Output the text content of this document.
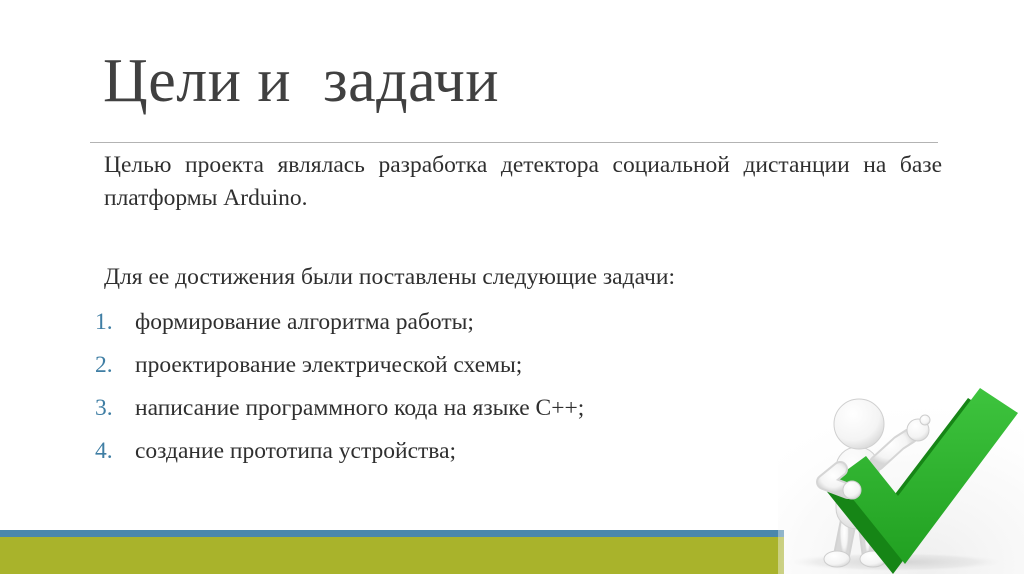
Цели и  задачи

Целью проекта являлась разработка детектора социальной дистанции на базе платформы Arduino.

Для ее достижения были поставлены следующие задачи:

1. формирование алгоритма работы;
2. проектирование электрической схемы;
3. написание программного кода на языке C++;
4. создание прототипа устройства;
